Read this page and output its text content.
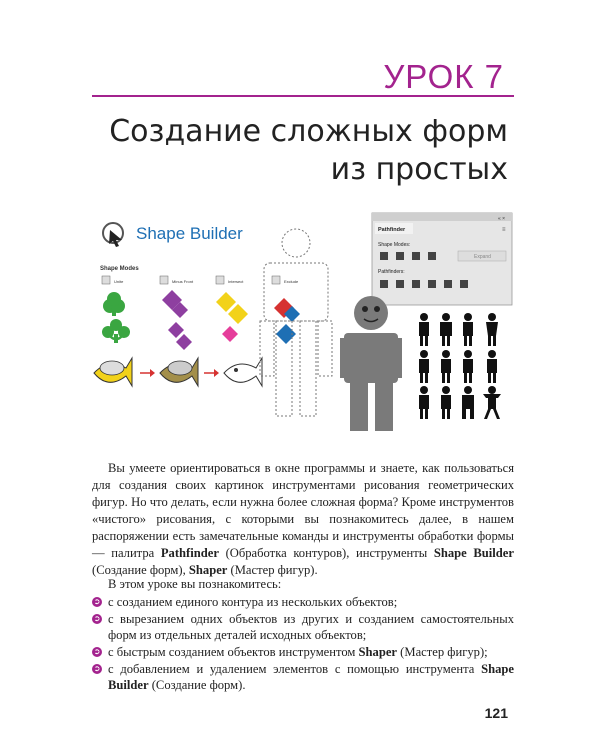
УРОК 7
Создание сложных форм
из простых
Shape Builder
Shape Modes
Unite	Minus Front	Intersect	Exclude
« ×
Pathfinder	≡
Shape Modes:
Expand
Pathfinders:

Вы умеете ориентироваться в окне программы и знаете, как пользоваться для создания своих картинок инструментами рисования геометрических фигур. Но что делать, если нужна более сложная форма? Кроме инструментов «чистого» рисования, с которыми вы познакомитесь далее, в нашем распоряжении есть замечательные команды и инструменты обработки формы — палитра Pathfinder (Обработка контуров), инструменты Shape Builder (Создание форм), Shaper (Мастер фигур).

В этом уроке вы познакомитесь:
➲ с созданием единого контура из нескольких объектов;
➲ с вырезанием одних объектов из других и созданием самостоятельных форм из отдельных деталей исходных объектов;
➲ с быстрым созданием объектов инструментом Shaper (Мастер фигур);
➲ с добавлением и удалением элементов с помощью инструмента Shape Builder (Создание форм).
121
